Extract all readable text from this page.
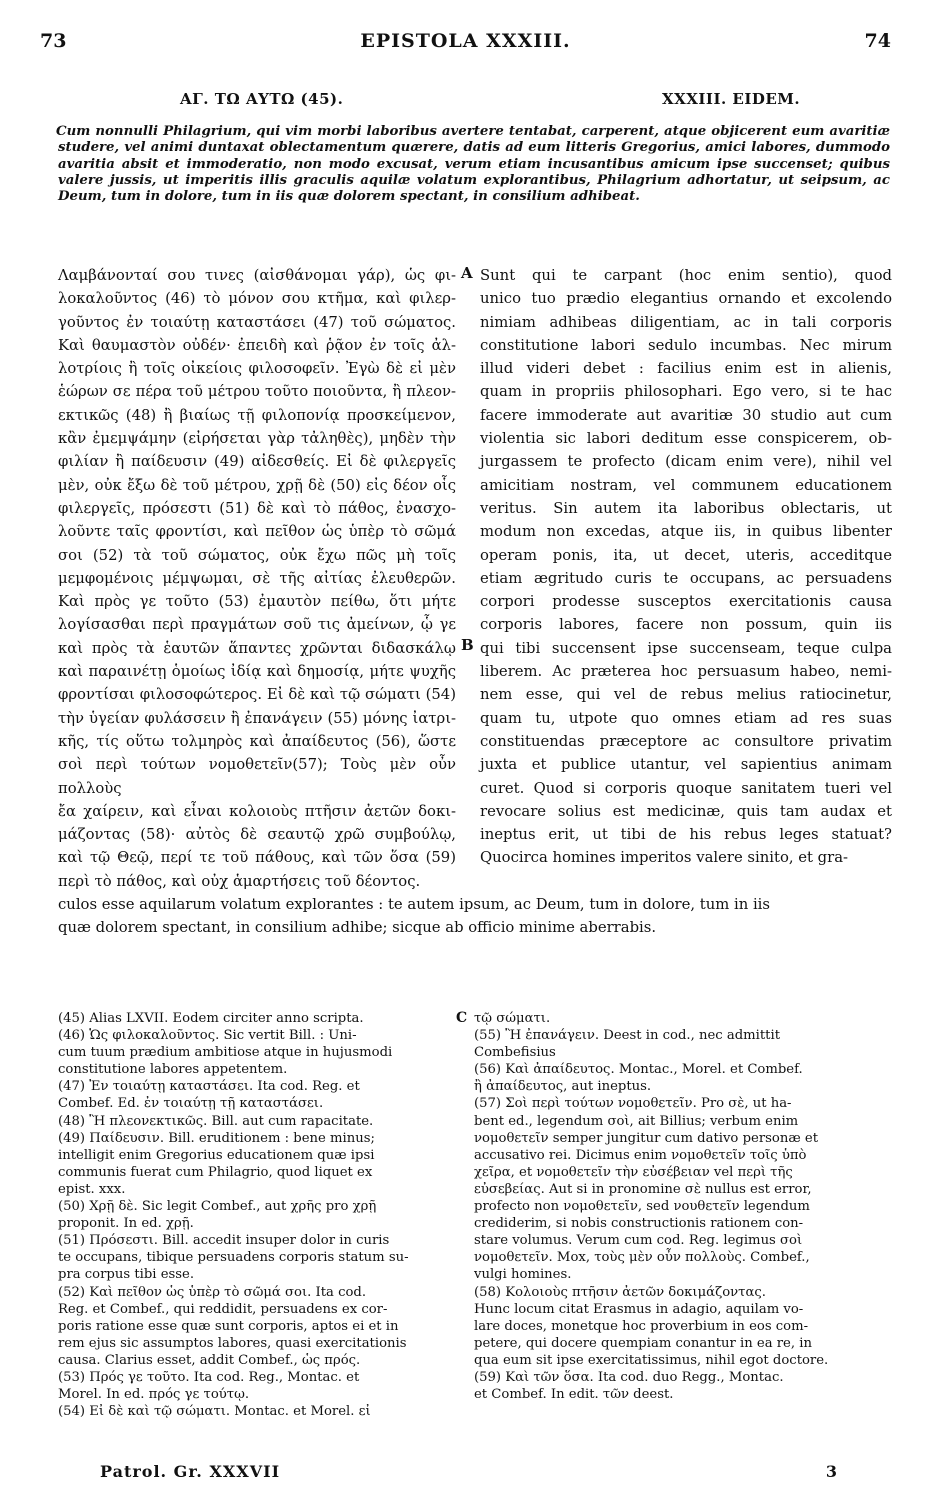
73	EPISTOLA XXXIII.	74
ΑΓ. ΤΩ ΑΥΤΩ (45).	XXXIII. EIDEM.
Cum nonnulli Philagrium, qui vim morbi laboribus avertere tentabat, carperent, atque objicerent eum avaritiæ studere, vel animi duntaxat oblectamentum quærere, datis ad eum litteris Gregorius, amici labores, dummodo avaritia absit et immoderatio, non modo excusat, verum etiam incusantibus amicum ipse succenset; quibus valere jussis, ut imperitis illis graculis aquilæ volatum explorantibus, Philagrium adhortatur, ut seipsum, ac Deum, tum in dolore, tum in iis quæ dolorem spectant, in consilium adhibeat.
Λαμβάνονταί σου τινες (αἰσθάνομαι γάρ), ὡς φι-
λοκαλοῦντος (46) τὸ μόνον σου κτῆμα, καὶ φιλερ-
γοῦντος ἐν τοιαύτῃ καταστάσει (47) τοῦ σώματος.
Καὶ θαυμαστὸν οὐδέν· ἐπειδὴ καὶ ῥᾷον ἐν τοῖς ἀλ-
λοτρίοις ἢ τοῖς οἰκείοις φιλοσοφεῖν. Ἐγὼ δὲ εἰ μὲν
ἑώρων σε πέρα τοῦ μέτρου τοῦτο ποιοῦντα, ἢ πλεον-
εκτικῶς (48) ἢ βιαίως τῇ φιλοπονίᾳ προσκείμενον,
κἂν ἐμεμψάμην (εἰρήσεται γὰρ τἀληθὲς), μηδὲν τὴν
φιλίαν ἢ παίδευσιν (49) αἰδεσθείς. Εἰ δὲ φιλεργεῖς
μὲν, οὐκ ἔξω δὲ τοῦ μέτρου, χρῇ δὲ (50) εἰς δέον οἷς
φιλεργεῖς, πρόσεστι (51) δὲ καὶ τὸ πάθος, ἐνασχο-
λοῦντε ταῖς φροντίσι, καὶ πεῖθον ὡς ὑπὲρ τὸ σῶμά
σοι (52) τὰ τοῦ σώματος, οὐκ ἔχω πῶς μὴ τοῖς
μεμφομένοις μέμψωμαι, σὲ τῆς αἰτίας ἐλευθερῶν.
Καὶ πρὸς γε τοῦτο (53) ἐμαυτὸν πείθω, ὅτι μήτε
λογίσασθαι περὶ πραγμάτων σοῦ τις ἀμείνων, ᾧ γε
καὶ πρὸς τὰ ἑαυτῶν ἅπαντες χρῶνται διδασκάλῳ
καὶ παραινέτῃ ὁμοίως ἰδίᾳ καὶ δημοσίᾳ, μήτε ψυχῆς
φροντίσαι φιλοσοφώτερος. Εἰ δὲ καὶ τῷ σώματι (54)
τὴν ὑγείαν φυλάσσειν ἢ ἐπανάγειν (55) μόνης ἰατρι-
κῆς, τίς οὕτω τολμηρὸς καὶ ἀπαίδευτος (56), ὥστε
σοὶ περὶ τούτων νομοθετεῖν(57); Τοὺς μὲν οὖν πολλοὺς
ἔα χαίρειν, καὶ εἶναι κολοιοὺς πτῆσιν ἀετῶν δοκι-
μάζοντας (58)· αὐτὸς δὲ σεαυτῷ χρῶ συμβούλῳ,
καὶ τῷ Θεῷ, περί τε τοῦ πάθους, καὶ τῶν ὅσα (59)
περὶ τὸ πάθος, καὶ οὐχ ἁμαρτήσεις τοῦ δέοντος.
A
B
Sunt qui te carpant (hoc enim sentio), quod
unico tuo prædio elegantius ornando et excolendo
nimiam adhibeas diligentiam, ac in tali corporis
constitutione labori sedulo incumbas. Nec mirum
illud videri debet : facilius enim est in alienis,
quam in propriis philosophari. Ego vero, si te hac
facere immoderate aut avaritiæ 30 studio aut cum
violentia sic labori deditum esse conspicerem, ob-
jurgassem te profecto (dicam enim vere), nihil vel
amicitiam nostram, vel communem educationem
veritus. Sin autem ita laboribus oblectaris, ut
modum non excedas, atque iis, in quibus libenter
operam ponis, ita, ut decet, uteris, acceditque
etiam ægritudo curis te occupans, ac persuadens
corpori prodesse susceptos exercitationis causa
corporis labores, facere non possum, quin iis
qui tibi succensent ipse succenseam, teque culpa
liberem. Ac præterea hoc persuasum habeo, nemi-
nem esse, qui vel de rebus melius ratiocinetur,
quam tu, utpote quo omnes etiam ad res suas
constituendas præceptore ac consultore privatim
juxta et publice utantur, vel sapientius animam
curet. Quod si corporis quoque sanitatem tueri vel
revocare solius est medicinæ, quis tam audax et
ineptus erit, ut tibi de his rebus leges statuat?
Quocirca homines imperitos valere sinito, et gra-
culos esse aquilarum volatum explorantes : te autem ipsum, ac Deum, tum in dolore, tum in iis
quæ dolorem spectant, in consilium adhibe; sicque ab officio minime aberrabis.
(45) Alias LXVII. Eodem circiter anno scripta.
(46) Ὡς φιλοκαλοῦντος. Sic vertit Bill. : Uni-
cum tuum prædium ambitiose atque in hujusmodi
constitutione labores appetentem.
(47) Ἐν τοιαύτῃ καταστάσει. Ita cod. Reg. et
Combef. Ed. ἐν τοιαύτῃ τῇ καταστάσει.
(48) Ἢ πλεονεκτικῶς. Bill. aut cum rapacitate.
(49) Παίδευσιν. Bill. eruditionem : bene minus;
intelligit enim Gregorius educationem quæ ipsi
communis fuerat cum Philagrio, quod liquet ex
epist. xxx.
(50) Χρῇ δὲ. Sic legit Combef., aut χρῆς pro χρῇ
proponit. In ed. χρῇ.
(51) Πρόσεστι. Bill. accedit insuper dolor in curis
te occupans, tibique persuadens corporis statum su-
pra corpus tibi esse.
(52) Καὶ πεῖθον ὡς ὑπὲρ τὸ σῶμά σοι. Ita cod.
Reg. et Combef., qui reddidit, persuadens ex cor-
poris ratione esse quæ sunt corporis, aptos ei et in
rem ejus sic assumptos labores, quasi exercitationis
causa. Clarius esset, addit Combef., ὡς πρός.
(53) Πρός γε τοῦτο. Ita cod. Reg., Montac. et
Morel. In ed. πρός γε τούτῳ.
(54) Εἰ δὲ καὶ τῷ σώματι. Montac. et Morel. εἰ
C τῷ σώματι.
(55) Ἢ ἐπανάγειν. Deest in cod., nec admittit
Combefisius
(56) Καὶ ἀπαίδευτος. Montac., Morel. et Combef.
ἢ ἀπαίδευτος, aut ineptus.
(57) Σοὶ περὶ τούτων νομοθετεῖν. Pro σὲ, ut ha-
bent ed., legendum σοὶ, ait Billius; verbum enim
νομοθετεῖν semper jungitur cum dativo personæ et
accusativo rei. Dicimus enim νομοθετεῖν τοῖς ὑπὸ
χεῖρα, et νομοθετεῖν τὴν εὐσέβειαν vel περὶ τῆς
εὐσεβείας. Aut si in pronomine σὲ nullus est error,
profecto non νομοθετεῖν, sed νουθετεῖν legendum
crediderim, si nobis constructionis rationem con-
stare volumus. Verum cum cod. Reg. legimus σοὶ
νομοθετεῖν. Mox, τοὺς μὲν οὖν πολλοὺς. Combef.,
vulgi homines.
(58) Κολοιοὺς πτῆσιν ἀετῶν δοκιμάζοντας.
Hunc locum citat Erasmus in adagio, aquilam vo-
lare doces, monetque hoc proverbium in eos com-
petere, qui docere quempiam conantur in ea re, in
qua eum sit ipse exercitatissimus, nihil egot doctore.
(59) Καὶ τῶν ὅσα. Ita cod. duo Regg., Montac.
et Combef. In edit. τῶν deest.
Patrol. Gr. XXXVII	3
